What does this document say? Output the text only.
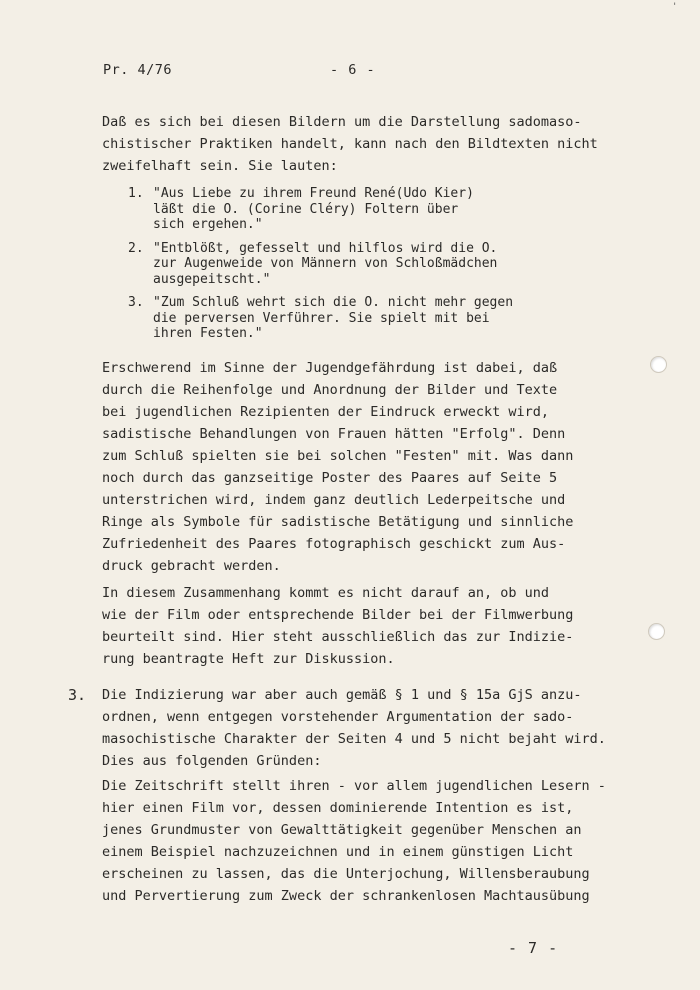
'
Pr. 4/76	- 6 -
Daß es sich bei diesen Bildern um die Darstellung sadomaso-
chistischer Praktiken handelt, kann nach den Bildtexten nicht
zweifelhaft sein. Sie lauten:
1. "Aus Liebe zu ihrem Freund René(Udo Kier)
läßt die O. (Corine Cléry) Foltern über
sich ergehen."
2. "Entblößt, gefesselt und hilflos wird die O.
zur Augenweide von Männern von Schloßmädchen
ausgepeitscht."
3. "Zum Schluß wehrt sich die O. nicht mehr gegen
die perversen Verführer. Sie spielt mit bei
ihren Festen."
Erschwerend im Sinne der Jugendgefährdung ist dabei, daß
durch die Reihenfolge und Anordnung der Bilder und Texte
bei jugendlichen Rezipienten der Eindruck erweckt wird,
sadistische Behandlungen von Frauen hätten "Erfolg". Denn
zum Schluß spielten sie bei solchen "Festen" mit. Was dann
noch durch das ganzseitige Poster des Paares auf Seite 5
unterstrichen wird, indem ganz deutlich Lederpeitsche und
Ringe als Symbole für sadistische Betätigung und sinnliche
Zufriedenheit des Paares fotographisch geschickt zum Aus-
druck gebracht werden.
In diesem Zusammenhang kommt es nicht darauf an, ob und
wie der Film oder entsprechende Bilder bei der Filmwerbung
beurteilt sind. Hier steht ausschließlich das zur Indizie-
rung beantragte Heft zur Diskussion.
3. Die Indizierung war aber auch gemäß § 1 und § 15a GjS anzu-
ordnen, wenn entgegen vorstehender Argumentation der sado-
masochistische Charakter der Seiten 4 und 5 nicht bejaht wird.
Dies aus folgenden Gründen:
Die Zeitschrift stellt ihren - vor allem jugendlichen Lesern -
hier einen Film vor, dessen dominierende Intention es ist,
jenes Grundmuster von Gewalttätigkeit gegenüber Menschen an
einem Beispiel nachzuzeichnen und in einem günstigen Licht
erscheinen zu lassen, das die Unterjochung, Willensberaubung
und Pervertierung zum Zweck der schrankenlosen Machtausübung
- 7 -
